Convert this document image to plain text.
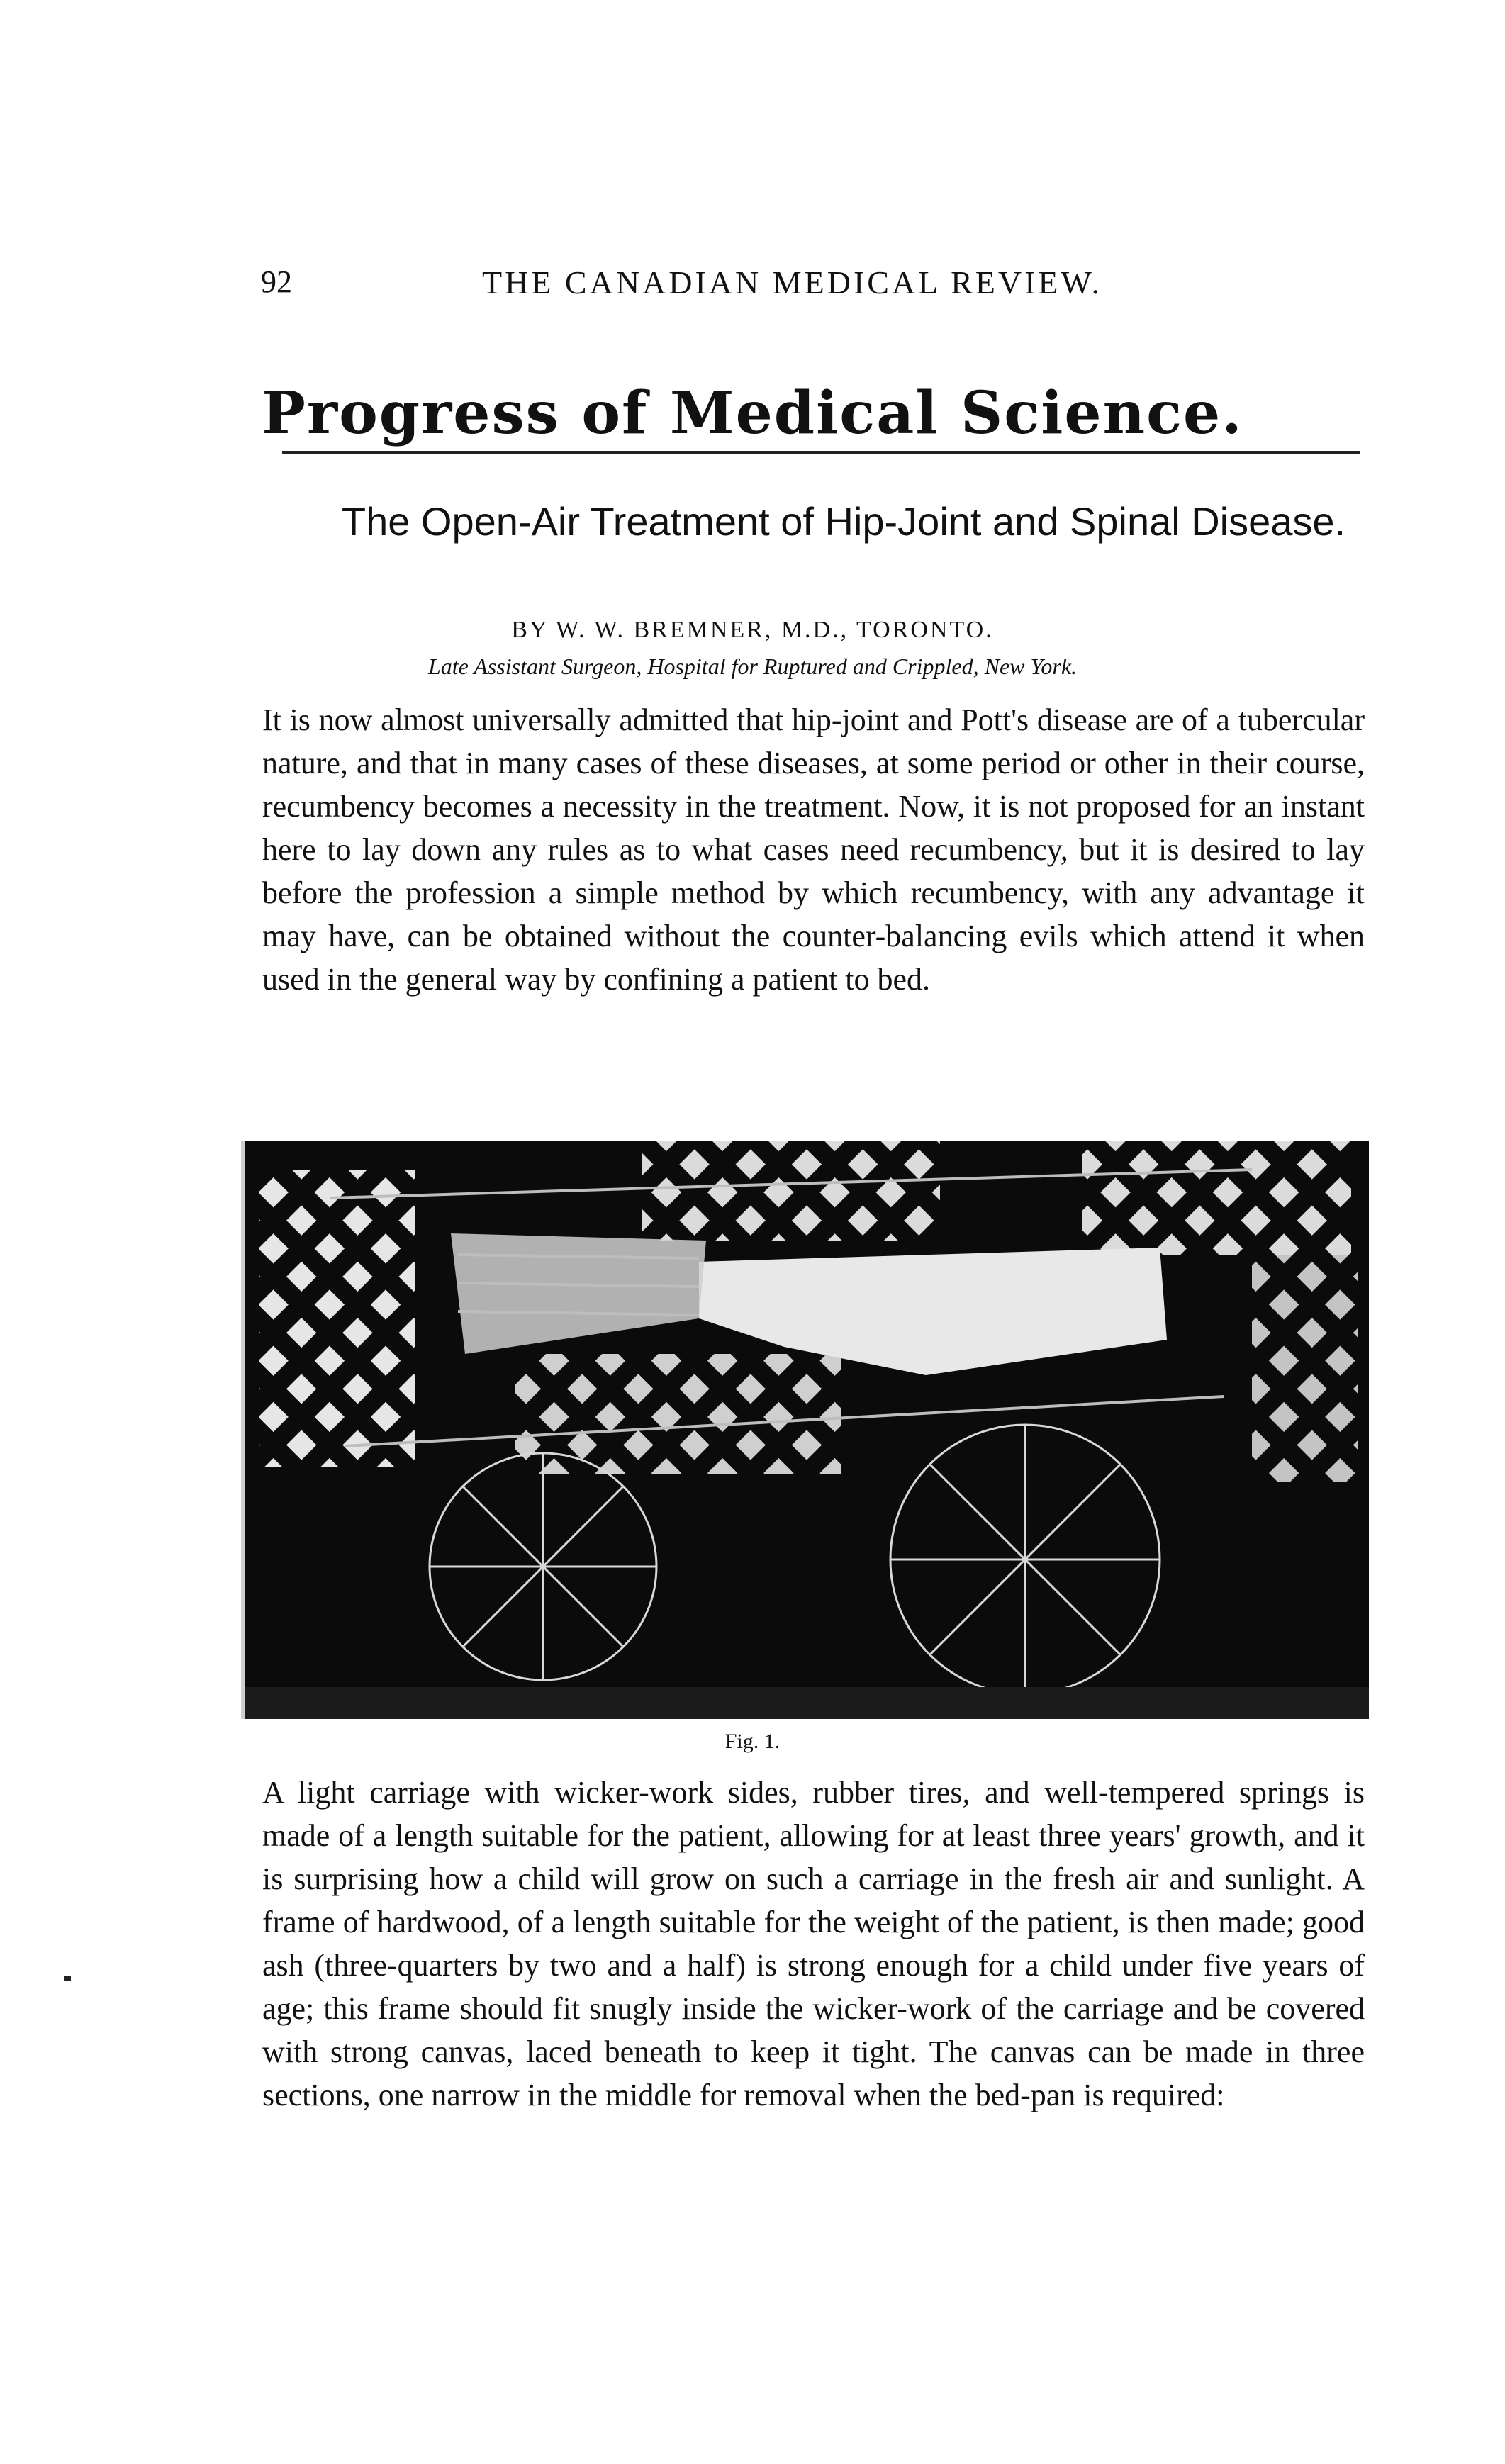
92	THE CANADIAN MEDICAL REVIEW.
Progress of Medical Science.
The Open-Air Treatment of Hip-Joint and Spinal Disease.
BY W. W. BREMNER, M.D., TORONTO.
Late Assistant Surgeon, Hospital for Ruptured and Crippled, New York.

It is now almost universally admitted that hip-joint and Pott's disease are of a tubercular nature, and that in many cases of these diseases, at some period or other in their course, recumbency becomes a necessity in the treatment. Now, it is not proposed for an instant here to lay down any rules as to what cases need recumbency, but it is desired to lay before the profession a simple method by which recumbency, with any advantage it may have, can be obtained without the counter-balancing evils which attend it when used in the general way by confining a patient to bed.

Fig. 1.

A light carriage with wicker-work sides, rubber tires, and well-tempered springs is made of a length suitable for the patient, allowing for at least three years' growth, and it is surprising how a child will grow on such a carriage in the fresh air and sunlight. A frame of hardwood, of a length suitable for the weight of the patient, is then made; good ash (three-quarters by two and a half) is strong enough for a child under five years of age; this frame should fit snugly inside the wicker-work of the carriage and be covered with strong canvas, laced beneath to keep it tight. The canvas can be made in three sections, one narrow in the middle for removal when the bed-pan is required:
